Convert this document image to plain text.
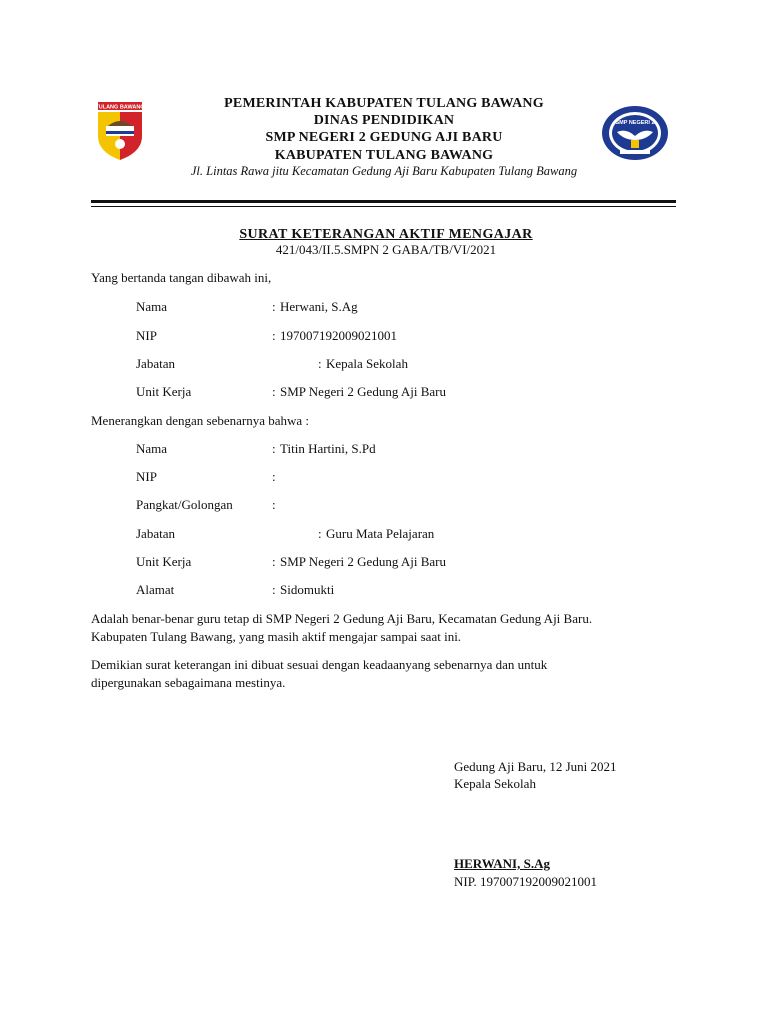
TULANG BAWANG
SMP NEGERI 2
PEMERINTAH KABUPATEN TULANG BAWANG
DINAS PENDIDIKAN
SMP NEGERI 2 GEDUNG AJI BARU
KABUPATEN TULANG BAWANG
Jl. Lintas Rawa jitu Kecamatan Gedung Aji Baru Kabupaten Tulang Bawang
SURAT KETERANGAN AKTIF MENGAJAR
421/043/II.5.SMPN 2 GABA/TB/VI/2021
Yang bertanda tangan dibawah ini,
Nama	: Herwani, S.Ag
NIP	: 197007192009021001
Jabatan	: Kepala Sekolah
Unit Kerja	: SMP Negeri 2 Gedung Aji Baru
Menerangkan dengan sebenarnya bahwa :
Nama	: Titin Hartini, S.Pd
NIP	:
Pangkat/Golongan	:
Jabatan	: Guru Mata Pelajaran
Unit Kerja	: SMP Negeri 2 Gedung Aji Baru
Alamat	: Sidomukti
Adalah benar-benar guru tetap di SMP Negeri 2 Gedung Aji Baru, Kecamatan Gedung Aji Baru.
Kabupaten Tulang Bawang, yang masih aktif mengajar sampai saat ini.
Demikian surat keterangan ini dibuat sesuai dengan keadaanyang sebenarnya dan untuk
dipergunakan sebagaimana mestinya.
Gedung Aji Baru, 12 Juni 2021
Kepala Sekolah
HERWANI, S.Ag
NIP. 197007192009021001
